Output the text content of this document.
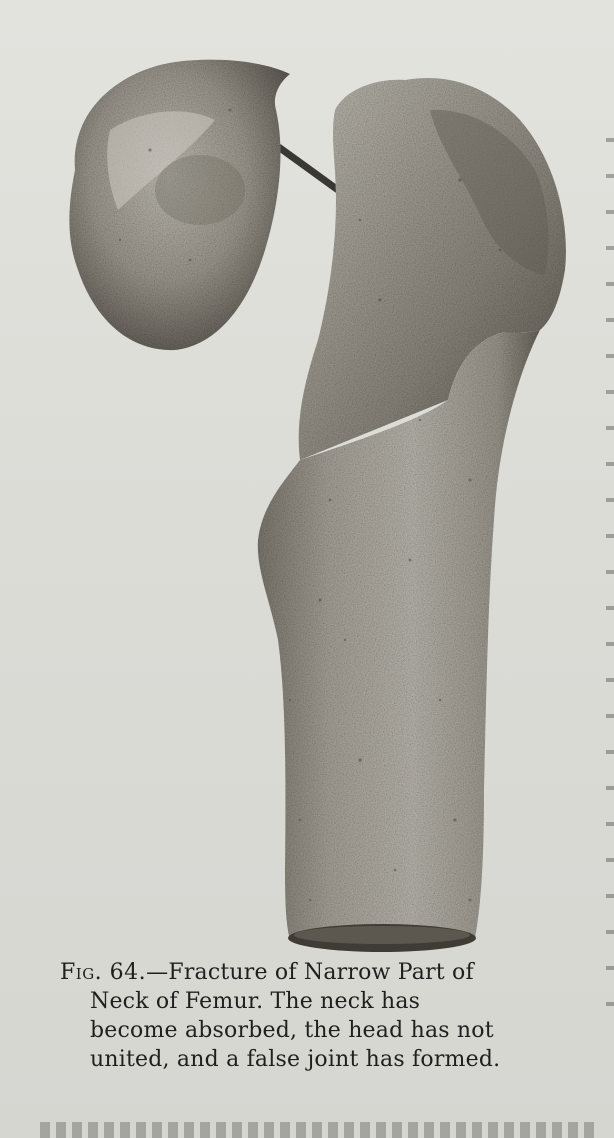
Fig. 64.—Fracture of Narrow Part of
Neck of Femur. The neck has
become absorbed, the head has not
united, and a false joint has formed.
